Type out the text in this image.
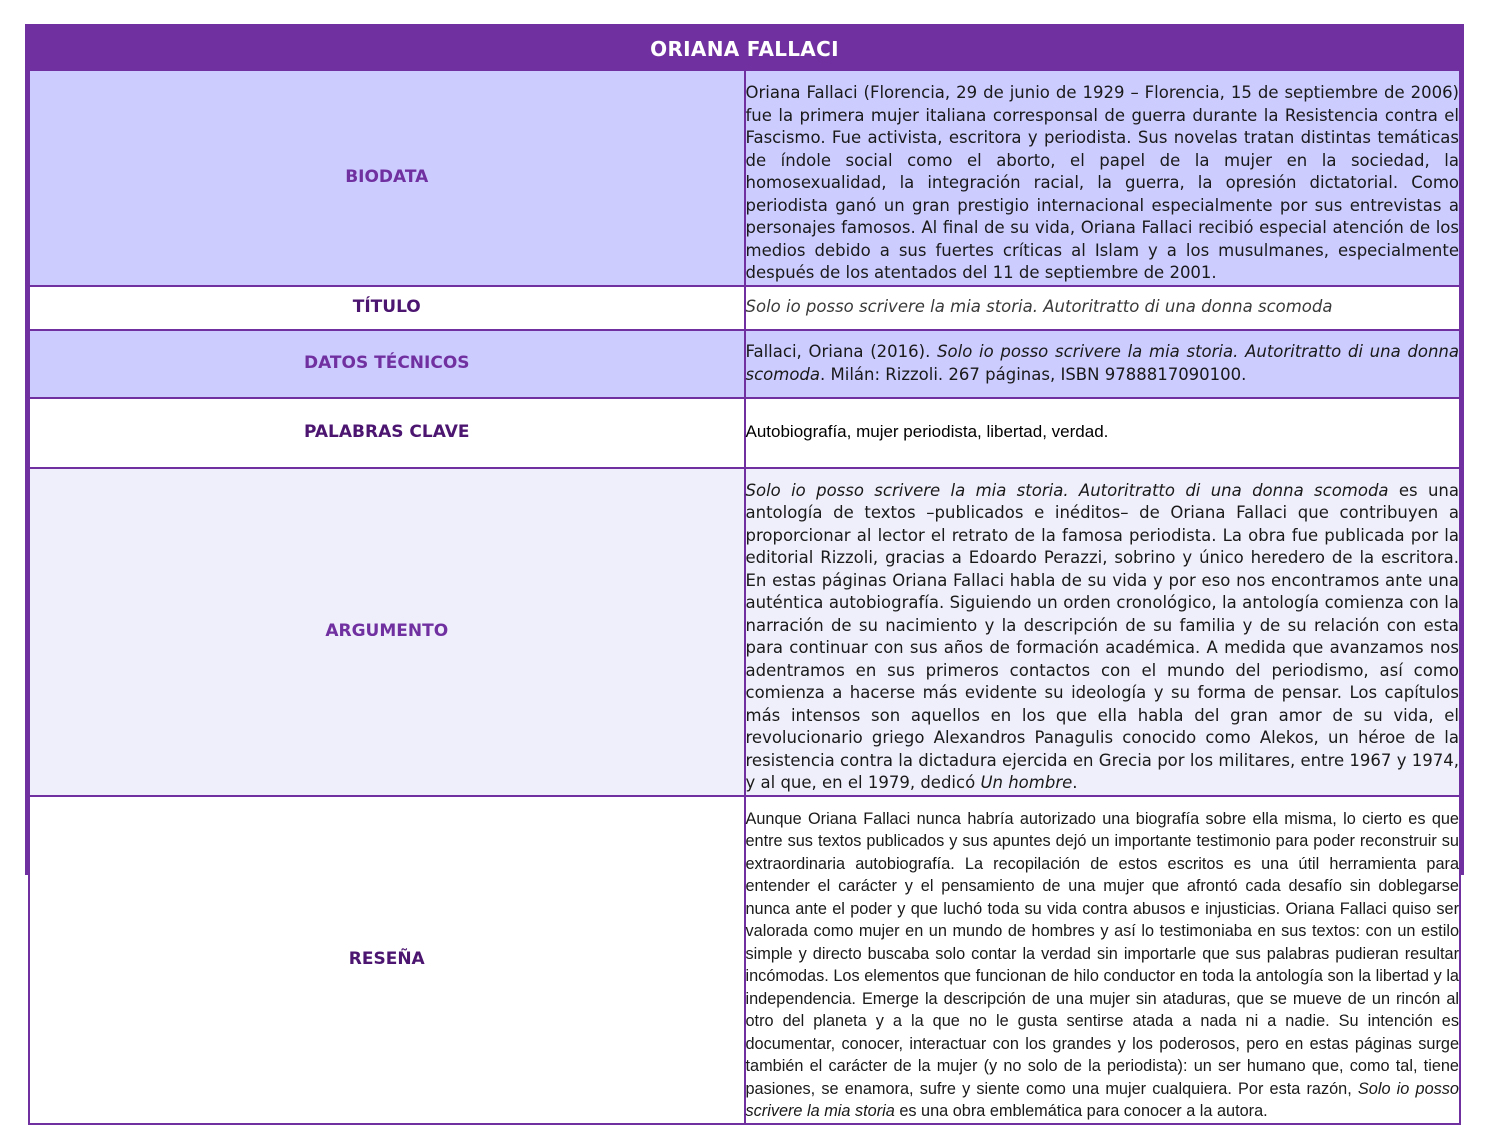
ORIANA FALLACI	
BIODATA	Oriana Fallaci (Florencia, 29 de junio de 1929 – Florencia, 15 de septiembre de 2006) fue la primera mujer italiana corresponsal de guerra durante la Resistencia contra el Fascismo. Fue activista, escritora y periodista. Sus novelas tratan distintas temáticas de índole social como el aborto, el papel de la mujer en la sociedad, la homosexualidad, la integración racial, la guerra, la opresión dictatorial. Como periodista ganó un gran prestigio internacional especialmente por sus entrevistas a personajes famosos. Al final de su vida, Oriana Fallaci recibió especial atención de los medios debido a sus fuertes críticas al Islam y a los musulmanes, especialmente después de los atentados del 11 de septiembre de 2001.
TÍTULO	Solo io posso scrivere la mia storia. Autoritratto di una donna scomoda
DATOS TÉCNICOS	Fallaci, Oriana (2016). Solo io posso scrivere la mia storia. Autoritratto di una donna scomoda. Milán: Rizzoli. 267 páginas, ISBN 9788817090100.
PALABRAS CLAVE	Autobiografía, mujer periodista, libertad, verdad.
ARGUMENTO	Solo io posso scrivere la mia storia. Autoritratto di una donna scomoda es una antología de textos –publicados e inéditos– de Oriana Fallaci que contribuyen a proporcionar al lector el retrato de la famosa periodista. La obra fue publicada por la editorial Rizzoli, gracias a Edoardo Perazzi, sobrino y único heredero de la escritora. En estas páginas Oriana Fallaci habla de su vida y por eso nos encontramos ante una auténtica autobiografía. Siguiendo un orden cronológico, la antología comienza con la narración de su nacimiento y la descripción de su familia y de su relación con esta para continuar con sus años de formación académica. A medida que avanzamos nos adentramos en sus primeros contactos con el mundo del periodismo, así como comienza a hacerse más evidente su ideología y su forma de pensar. Los capítulos más intensos son aquellos en los que ella habla del gran amor de su vida, el revolucionario griego Alexandros Panagulis conocido como Alekos, un héroe de la resistencia contra la dictadura ejercida en Grecia por los militares, entre 1967 y 1974, y al que, en el 1979, dedicó Un hombre.
RESEÑA	Aunque Oriana Fallaci nunca habría autorizado una biografía sobre ella misma, lo cierto es que entre sus textos publicados y sus apuntes dejó un importante testimonio para poder reconstruir su extraordinaria autobiografía. La recopilación de estos escritos es una útil herramienta para entender el carácter y el pensamiento de una mujer que afrontó cada desafío sin doblegarse nunca ante el poder y que luchó toda su vida contra abusos e injusticias. Oriana Fallaci quiso ser valorada como mujer en un mundo de hombres y así lo testimoniaba en sus textos: con un estilo simple y directo buscaba solo contar la verdad sin importarle que sus palabras pudieran resultar incómodas. Los elementos que funcionan de hilo conductor en toda la antología son la libertad y la independencia. Emerge la descripción de una mujer sin ataduras, que se mueve de un rincón al otro del planeta y a la que no le gusta sentirse atada a nada ni a nadie. Su intención es documentar, conocer, interactuar con los grandes y los poderosos, pero en estas páginas surge también el carácter de la mujer (y no solo de la periodista): un ser humano que, como tal, tiene pasiones, se enamora, sufre y siente como una mujer cualquiera. Por esta razón, Solo io posso scrivere la mia storia es una obra emblemática para conocer a la autora.
